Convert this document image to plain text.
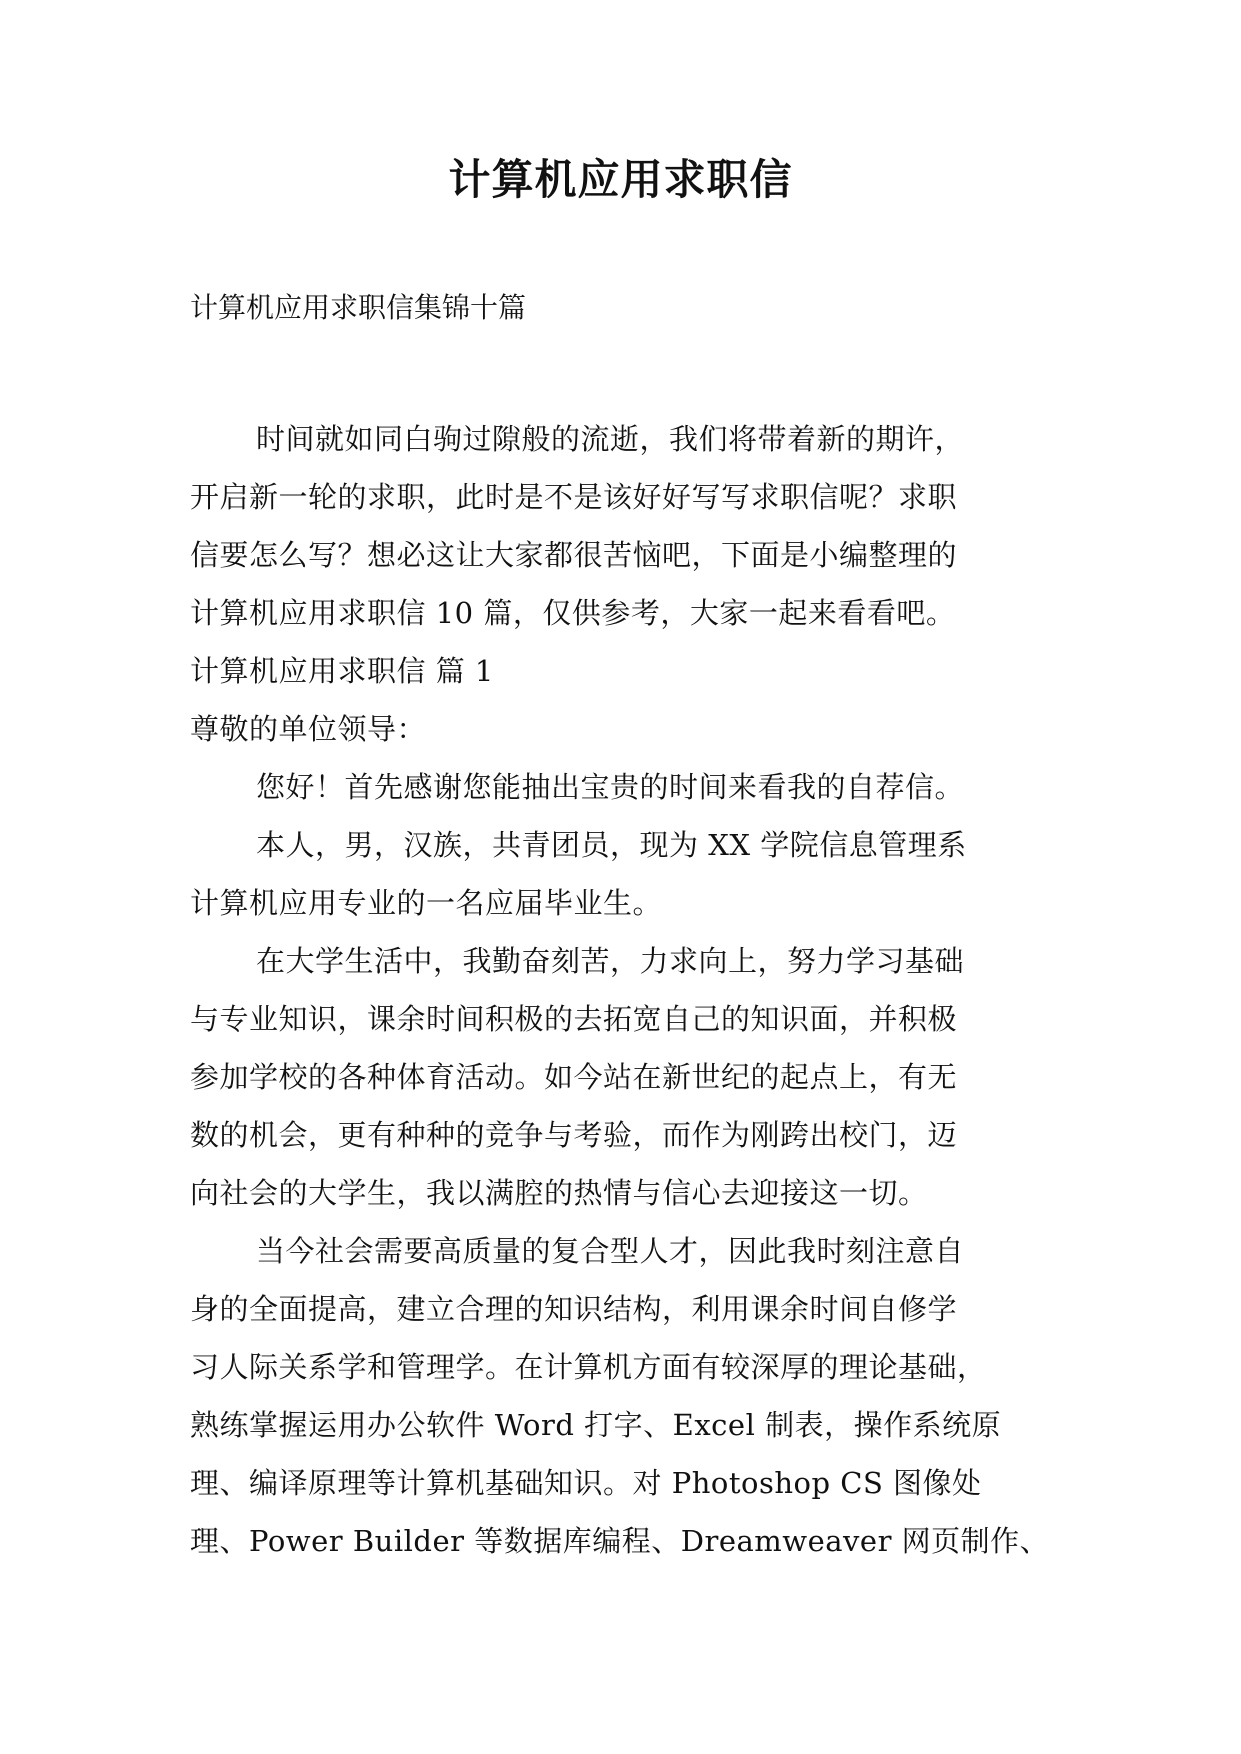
计算机应用求职信
计算机应用求职信集锦十篇
时间就如同白驹过隙般的流逝，我们将带着新的期许，
开启新一轮的求职，此时是不是该好好写写求职信呢？求职
信要怎么写？想必这让大家都很苦恼吧，下面是小编整理的
计算机应用求职信 10 篇，仅供参考，大家一起来看看吧。
计算机应用求职信 篇 1
尊敬的单位领导：
您好！首先感谢您能抽出宝贵的时间来看我的自荐信。
本人，男，汉族，共青团员，现为 XX 学院信息管理系
计算机应用专业的一名应届毕业生。
在大学生活中，我勤奋刻苦，力求向上，努力学习基础
与专业知识，课余时间积极的去拓宽自己的知识面，并积极
参加学校的各种体育活动。如今站在新世纪的起点上，有无
数的机会，更有种种的竞争与考验，而作为刚跨出校门，迈
向社会的大学生，我以满腔的热情与信心去迎接这一切。
当今社会需要高质量的复合型人才，因此我时刻注意自
身的全面提高，建立合理的知识结构，利用课余时间自修学
习人际关系学和管理学。在计算机方面有较深厚的理论基础，
熟练掌握运用办公软件 Word 打字、Excel 制表，操作系统原
理、编译原理等计算机基础知识。对 Photoshop CS 图像处
理、Power Builder 等数据库编程、Dreamweaver 网页制作、
